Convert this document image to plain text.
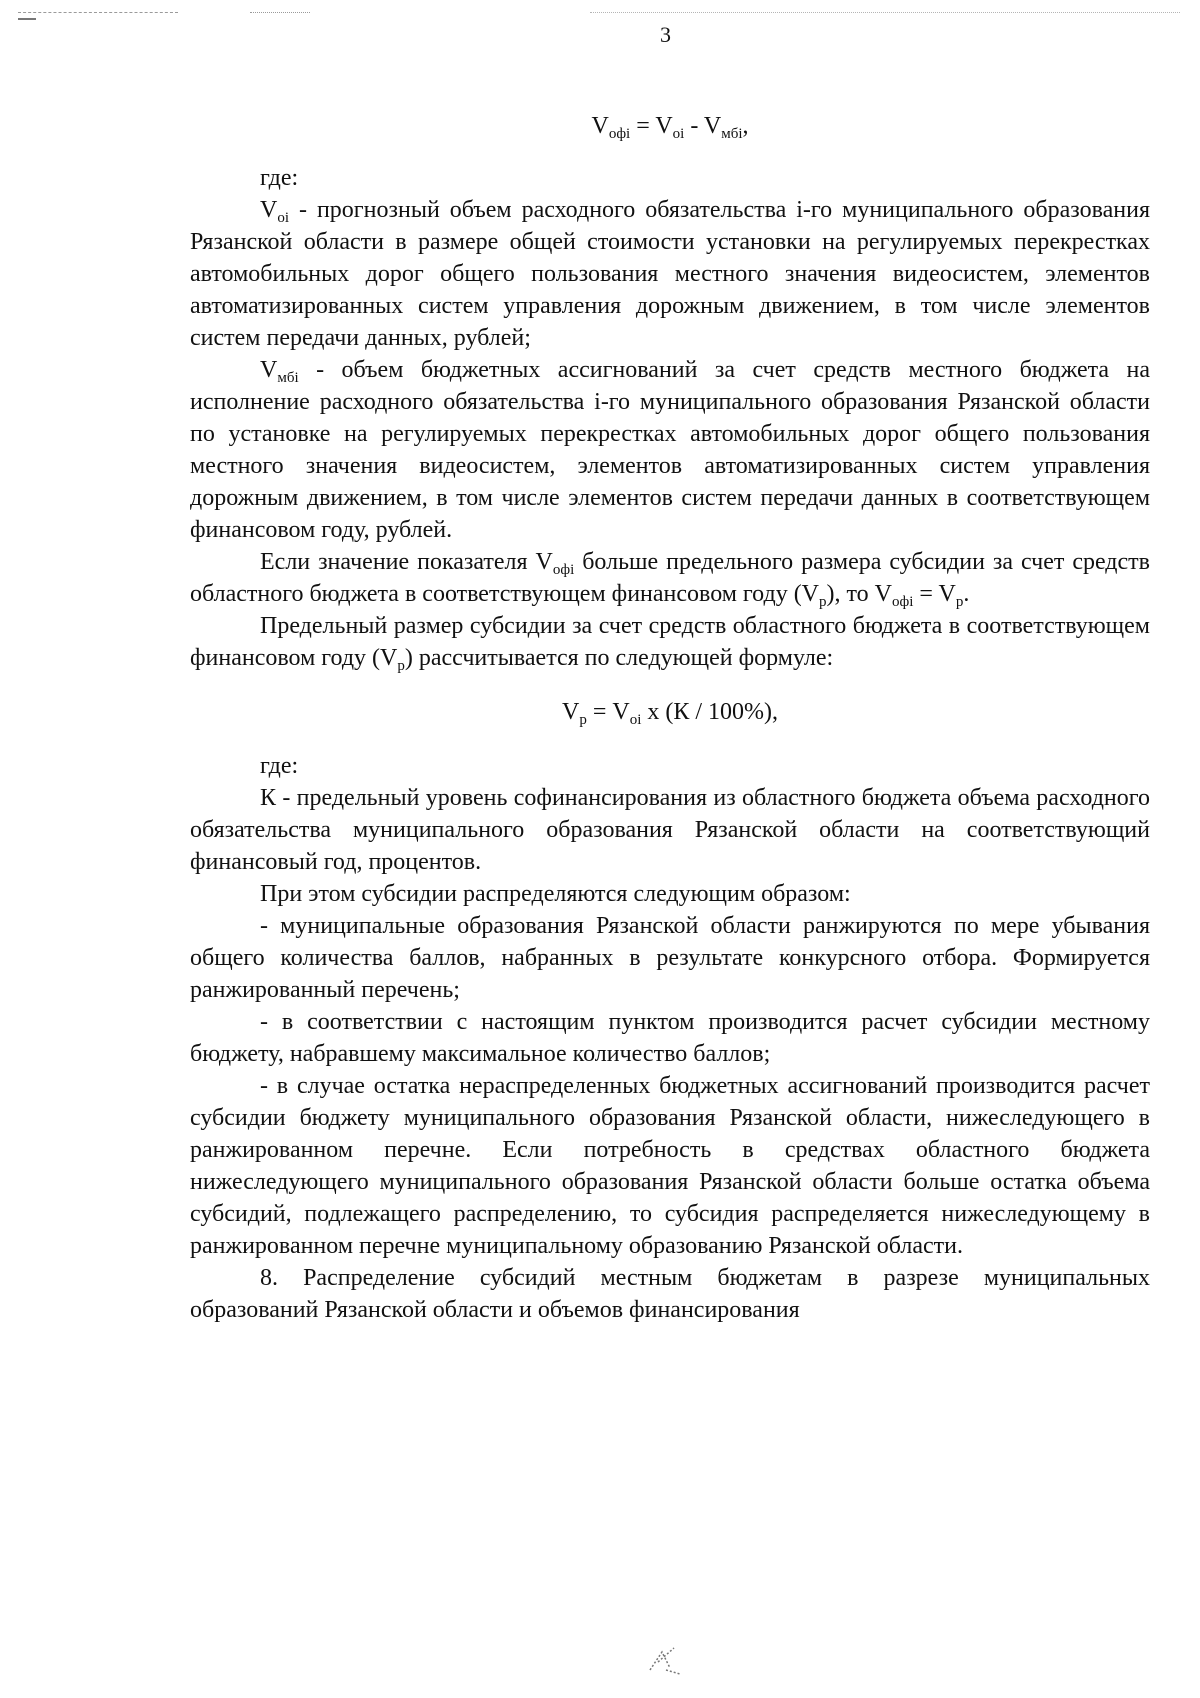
3
$V_{офi} = V_{oi} - V_{мбi}$,

где:

$V_{oi}$ - прогнозный объем расходного обязательства i-го муниципального образования Рязанской области в размере общей стоимости установки на регулируемых перекрестках автомобильных дорог общего пользования местного значения видеосистем, элементов автоматизированных систем управления дорожным движением, в том числе элементов систем передачи данных, рублей;

$V_{мбi}$ - объем бюджетных ассигнований за счет средств местного бюджета на исполнение расходного обязательства i-го муниципального образования Рязанской области по установке на регулируемых перекрестках автомобильных дорог общего пользования местного значения видеосистем, элементов автоматизированных систем управления дорожным движением, в том числе элементов систем передачи данных в соответствующем финансовом году, рублей.

Если значение показателя $V_{офi}$ больше предельного размера субсидии за счет средств областного бюджета в соответствующем финансовом году $(V_р)$, то $V_{офi} = V_р$.

Предельный размер субсидии за счет средств областного бюджета в соответствующем финансовом году $(V_р)$ рассчитывается по следующей формуле:

$V_р = V_{oi}$ x (К / 100%),

где:

К - предельный уровень софинансирования из областного бюджета объема расходного обязательства муниципального образования Рязанской области на соответствующий финансовый год, процентов.

При этом субсидии распределяются следующим образом:

- муниципальные образования Рязанской области ранжируются по мере убывания общего количества баллов, набранных в результате конкурсного отбора. Формируется ранжированный перечень;

- в соответствии с настоящим пунктом производится расчет субсидии местному бюджету, набравшему максимальное количество баллов;

- в случае остатка нераспределенных бюджетных ассигнований производится расчет субсидии бюджету муниципального образования Рязанской области, нижеследующего в ранжированном перечне. Если потребность в средствах областного бюджета нижеследующего муниципального образования Рязанской области больше остатка объема субсидий, подлежащего распределению, то субсидия распределяется нижеследующему в ранжированном перечне муниципальному образованию Рязанской области.

8. Распределение субсидий местным бюджетам в разрезе муниципальных образований Рязанской области и объемов финансирования
